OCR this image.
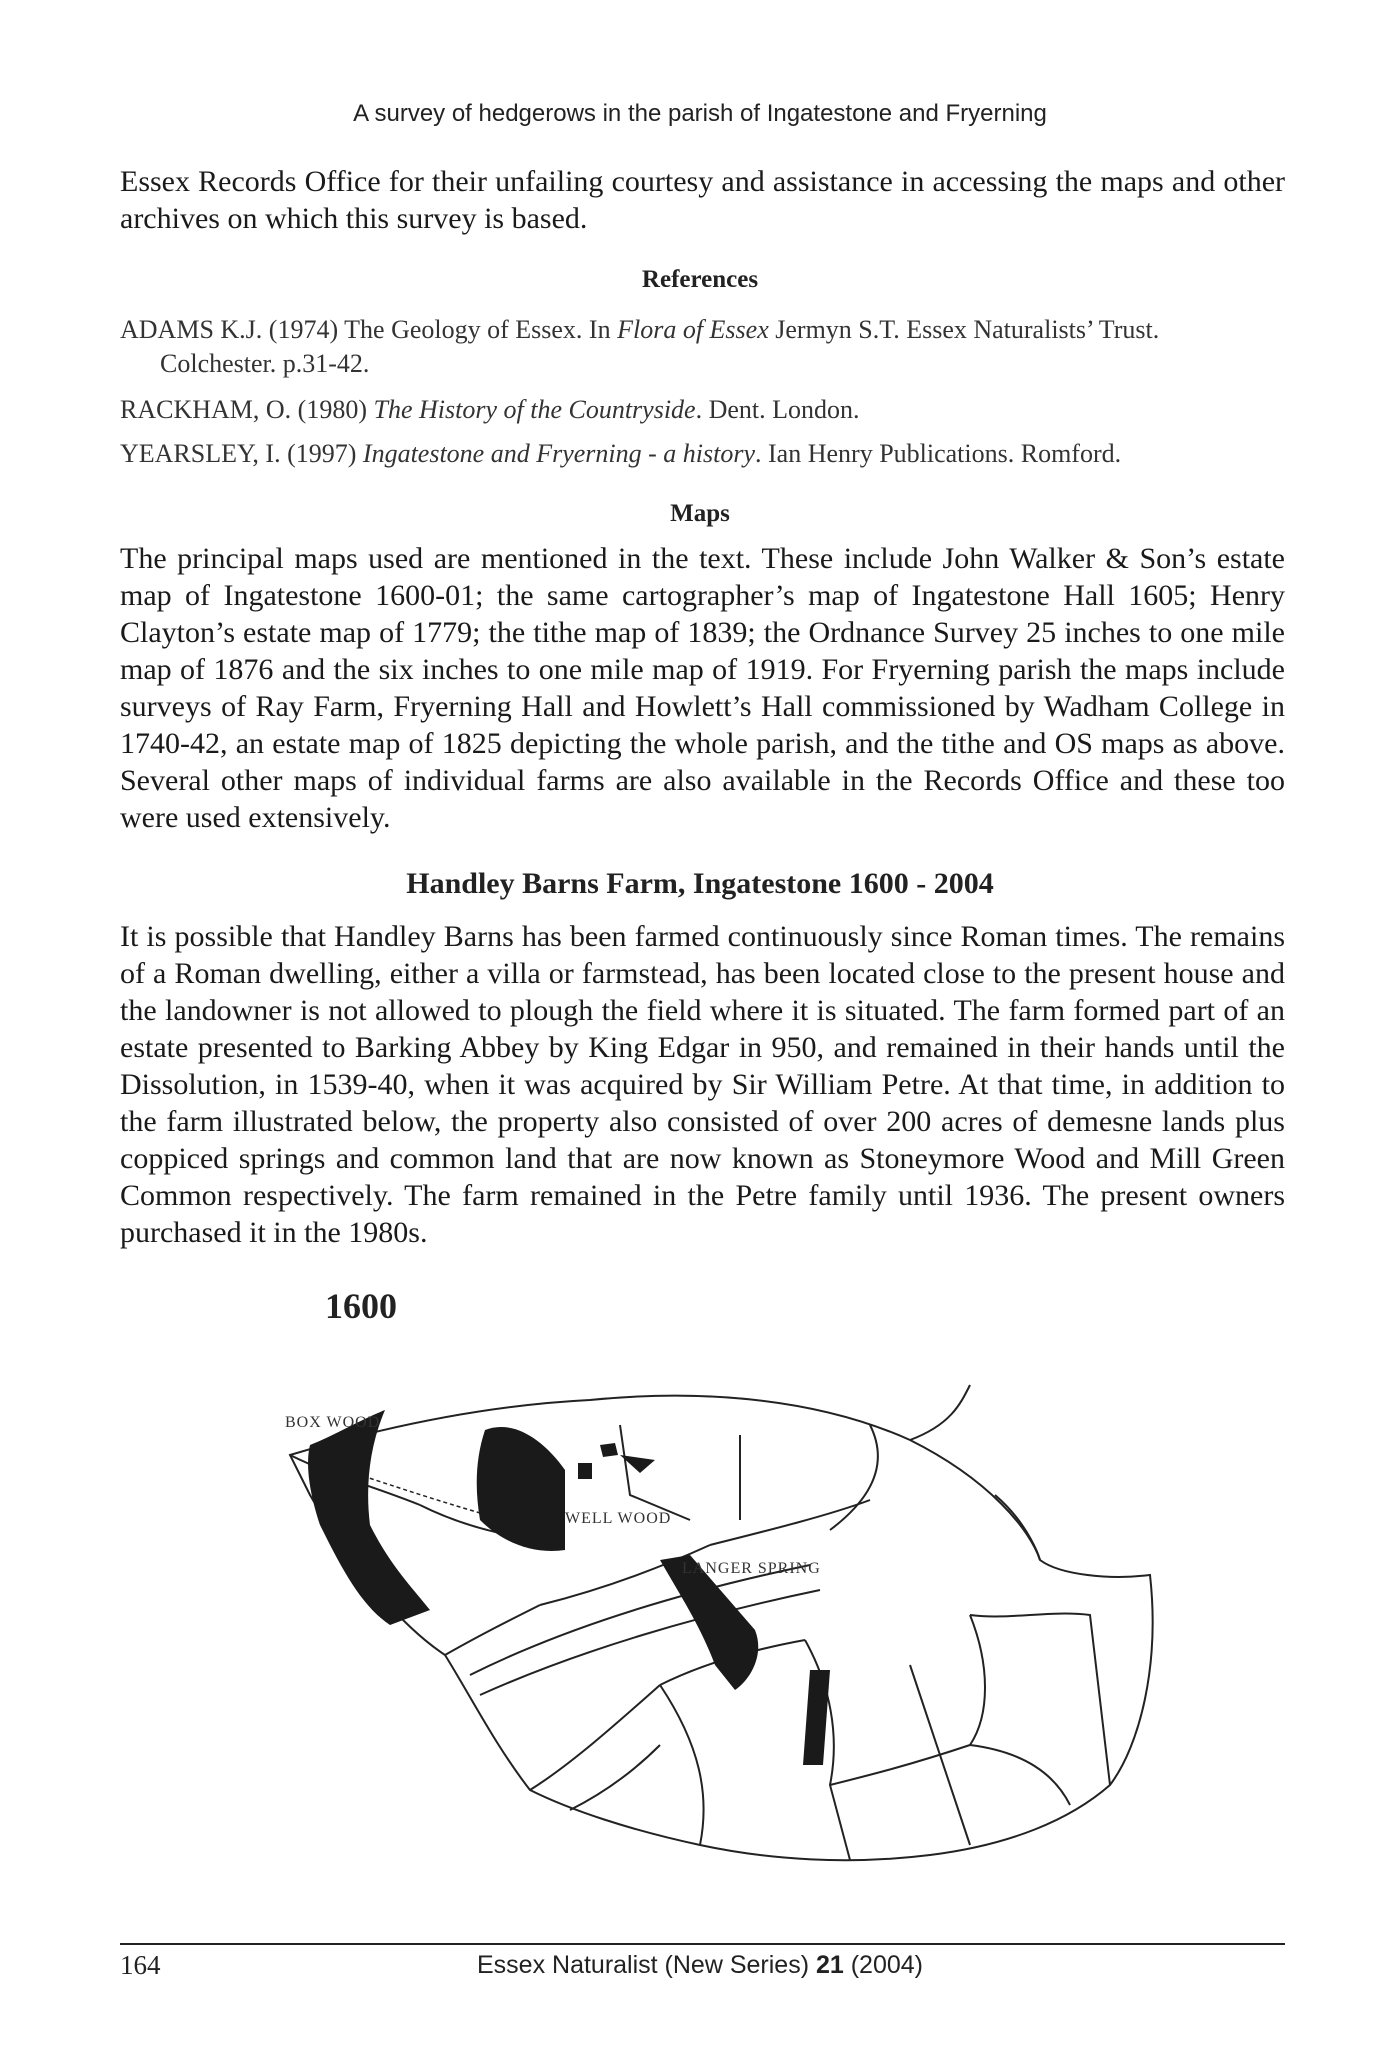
A survey of hedgerows in the parish of Ingatestone and Fryerning

Essex Records Office for their unfailing courtesy and assistance in accessing the maps and other archives on which this survey is based.

References
ADAMS K.J. (1974) The Geology of Essex. In Flora of Essex Jermyn S.T. Essex Naturalists’ Trust.
Colchester. p.31-42.
RACKHAM, O. (1980) The History of the Countryside. Dent. London.
YEARSLEY, I. (1997) Ingatestone and Fryerning - a history. Ian Henry Publications. Romford.
Maps

The principal maps used are mentioned in the text. These include John Walker & Son’s estate map of Ingatestone 1600-01; the same cartographer’s map of Ingatestone Hall 1605; Henry Clayton’s estate map of 1779; the tithe map of 1839; the Ordnance Survey 25 inches to one mile map of 1876 and the six inches to one mile map of 1919. For Fryerning parish the maps include surveys of Ray Farm, Fryerning Hall and Howlett’s Hall commissioned by Wadham College in 1740-42, an estate map of 1825 depicting the whole parish, and the tithe and OS maps as above. Several other maps of individual farms are also available in the Records Office and these too were used extensively.

Handley Barns Farm, Ingatestone 1600 - 2004

It is possible that Handley Barns has been farmed continuously since Roman times. The remains of a Roman dwelling, either a villa or farmstead, has been located close to the present house and the landowner is not allowed to plough the field where it is situated. The farm formed part of an estate presented to Barking Abbey by King Edgar in 950, and remained in their hands until the Dissolution, in 1539-40, when it was acquired by Sir William Petre. At that time, in addition to the farm illustrated below, the property also consisted of over 200 acres of demesne lands plus coppiced springs and common land that are now known as Stoneymore Wood and Mill Green Common respectively. The farm remained in the Petre family until 1936. The present owners purchased it in the 1980s.

1600
BOX WOOD
WELL WOOD
LANGER SPRING
164	Essex Naturalist (New Series) 21 (2004)
